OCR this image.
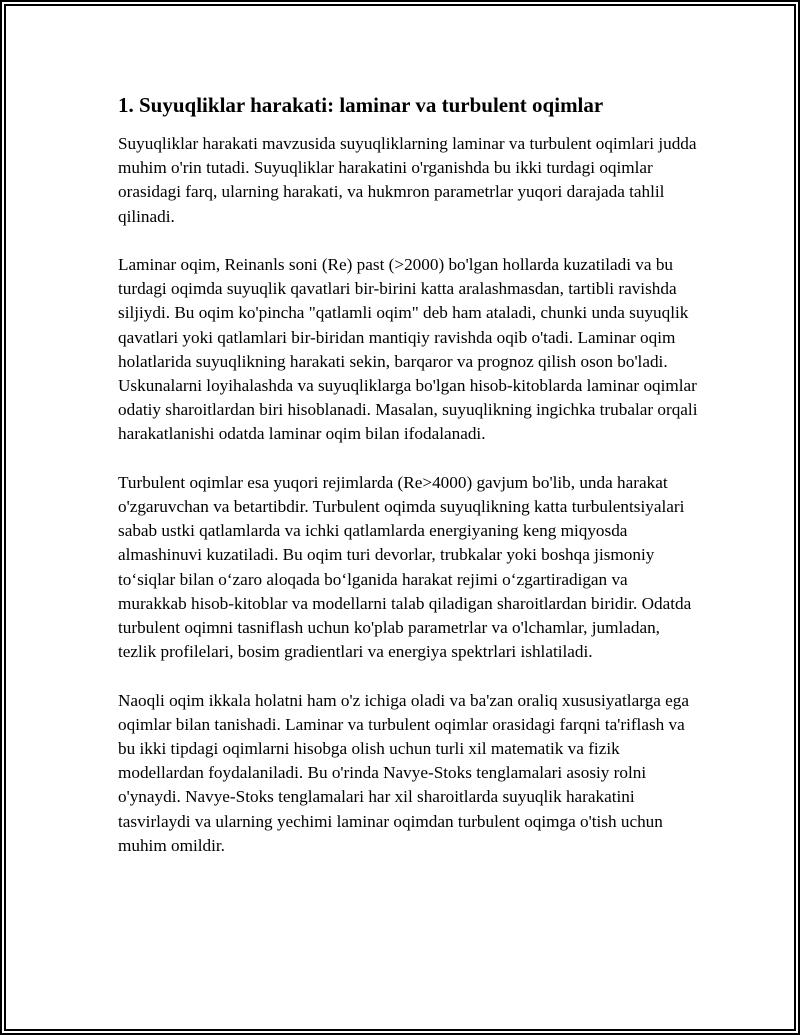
1. Suyuqliklar harakati: laminar va turbulent oqimlar

Suyuqliklar harakati mavzusida suyuqliklarning laminar va turbulent oqimlari judda muhim o'rin tutadi. Suyuqliklar harakatini o'rganishda bu ikki turdagi oqimlar orasidagi farq, ularning harakati, va hukmron parametrlar yuqori darajada tahlil qilinadi.

Laminar oqim, Reinanls soni (Re) past (>2000) bo'lgan hollarda kuzatiladi va bu turdagi oqimda suyuqlik qavatlari bir-birini katta aralashmasdan, tartibli ravishda siljiydi. Bu oqim ko'pincha "qatlamli oqim" deb ham ataladi, chunki unda suyuqlik qavatlari yoki qatlamlari bir-biridan mantiqiy ravishda oqib o'tadi. Laminar oqim holatlarida suyuqlikning harakati sekin, barqaror va prognoz qilish oson bo'ladi. Uskunalarni loyihalashda va suyuqliklarga bo'lgan hisob-kitoblarda laminar oqimlar odatiy sharoitlardan biri hisoblanadi. Masalan, suyuqlikning ingichka trubalar orqali harakatlanishi odatda laminar oqim bilan ifodalanadi.

Turbulent oqimlar esa yuqori rejimlarda (Re>4000) gavjum bo'lib, unda harakat o'zgaruvchan va betartibdir. Turbulent oqimda suyuqlikning katta turbulentsiyalari sabab ustki qatlamlarda va ichki qatlamlarda energiyaning keng miqyosda almashinuvi kuzatiladi. Bu oqim turi devorlar, trubkalar yoki boshqa jismoniy to‘siqlar bilan o‘zaro aloqada bo‘lganida harakat rejimi o‘zgartiradigan va murakkab hisob-kitoblar va modellarni talab qiladigan sharoitlardan biridir. Odatda turbulent oqimni tasniflash uchun ko'plab parametrlar va o'lchamlar, jumladan, tezlik profilelari, bosim gradientlari va energiya spektrlari ishlatiladi.

Naoqli oqim ikkala holatni ham o'z ichiga oladi va ba'zan oraliq xususiyatlarga ega oqimlar bilan tanishadi. Laminar va turbulent oqimlar orasidagi farqni ta'riflash va bu ikki tipdagi oqimlarni hisobga olish uchun turli xil matematik va fizik modellardan foydalaniladi. Bu o'rinda Navye-Stoks tenglamalari asosiy rolni o'ynaydi. Navye-Stoks tenglamalari har xil sharoitlarda suyuqlik harakatini tasvirlaydi va ularning yechimi laminar oqimdan turbulent oqimga o'tish uchun muhim omildir.
